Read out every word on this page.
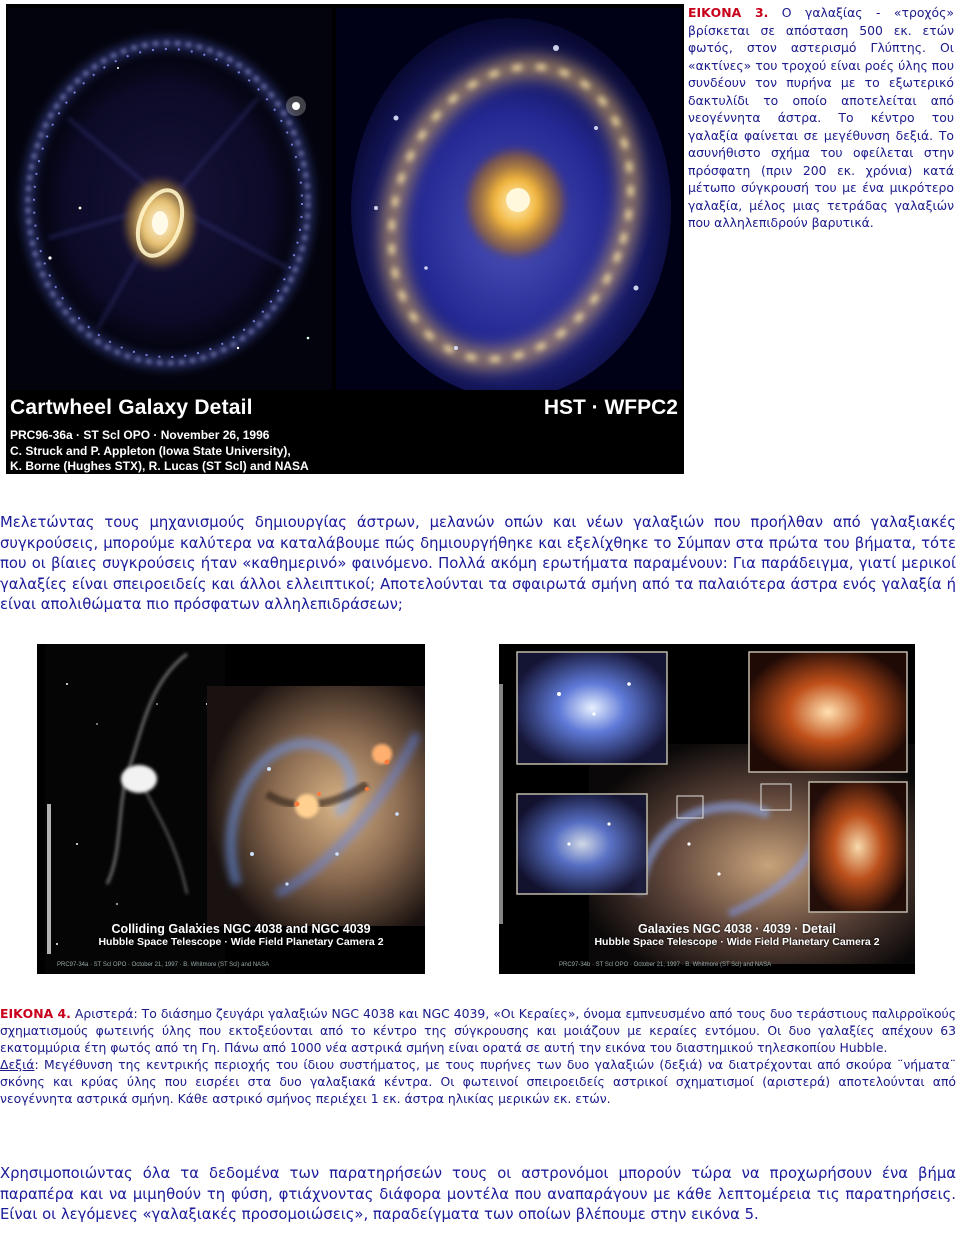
Cartwheel Galaxy Detail	HST · WFPC2
PRC96-36a · ST Scl OPO · November 26, 1996
C. Struck and P. Appleton (Iowa State University),
K. Borne (Hughes STX), R. Lucas (ST Scl) and NASA
ΕΙΚΟΝΑ 3. Ο γαλαξίας - «τροχός» βρίσκεται σε απόσταση 500 εκ. ετών φωτός, στον αστερισμό Γλύπτης. Οι «ακτίνες» του τροχού είναι ροές ύλης που συνδέουν τον πυρήνα με το εξωτερικό δακτυλίδι το οποίο αποτελείται από νεογέννητα άστρα. Το κέντρο του γαλαξία φαίνεται σε μεγέθυνση δεξιά. Το ασυνήθιστο σχήμα του οφείλεται στην πρόσφατη (πριν 200 εκ. χρόνια) κατά μέτωπο σύγκρουσή του με ένα μικρότερο γαλαξία, μέλος μιας τετράδας γαλαξιών που αλληλεπιδρούν βαρυτικά.
Μελετώντας τους μηχανισμούς δημιουργίας άστρων, μελανών οπών και νέων γαλαξιών που προήλθαν από γαλαξιακές συγκρούσεις, μπορούμε καλύτερα να καταλάβουμε πώς δημιουργήθηκε και εξελίχθηκε το Σύμπαν στα πρώτα του βήματα, τότε που οι βίαιες συγκρούσεις ήταν «καθημερινό» φαινόμενο. Πολλά ακόμη ερωτήματα παραμένουν: Για παράδειγμα, γιατί μερικοί γαλαξίες είναι σπειροειδείς και άλλοι ελλειπτικοί; Αποτελούνται τα σφαιρωτά σμήνη από τα παλαιότερα άστρα ενός γαλαξία ή είναι απολιθώματα πιο πρόσφατων αλληλεπιδράσεων;
Colliding Galaxies NGC 4038 and NGC 4039
Hubble Space Telescope · Wide Field Planetary Camera 2
PRC97-34a · ST Scl OPO · October 21, 1997 · B. Whitmore (ST Scl) and NASA
Galaxies NGC 4038 · 4039 · Detail
Hubble Space Telescope · Wide Field Planetary Camera 2
PRC97-34b · ST Scl OPO · October 21, 1997 · B. Whitmore (ST Scl) and NASA
ΕΙΚΟΝΑ 4. Αριστερά: Το διάσημο ζευγάρι γαλαξιών NGC 4038 και NGC 4039, «Οι Κεραίες», όνομα εμπνευσμένο από τους δυο τεράστιους παλιρροϊκούς σχηματισμούς φωτεινής ύλης που εκτοξεύονται από το κέντρο της σύγκρουσης και μοιάζουν με κεραίες εντόμου. Οι δυο γαλαξίες απέχουν 63 εκατομμύρια έτη φωτός από τη Γη. Πάνω από 1000 νέα αστρικά σμήνη είναι ορατά σε αυτή την εικόνα του διαστημικού τηλεσκοπίου Hubble.
Δεξιά: Μεγέθυνση της κεντρικής περιοχής του ίδιου συστήματος, με τους πυρήνες των δυο γαλαξιών (δεξιά) να διατρέχονται από σκούρα ¨νήματα¨ σκόνης και κρύας ύλης που εισρέει στα δυο γαλαξιακά κέντρα. Οι φωτεινοί σπειροειδείς αστρικοί σχηματισμοί (αριστερά) αποτελούνται από νεογέννητα αστρικά σμήνη. Κάθε αστρικό σμήνος περιέχει 1 εκ. άστρα ηλικίας μερικών εκ. ετών.
Χρησιμοποιώντας όλα τα δεδομένα των παρατηρήσεών τους οι αστρονόμοι μπορούν τώρα να προχωρήσουν ένα βήμα παραπέρα και να μιμηθούν τη φύση, φτιάχνοντας διάφορα μοντέλα που αναπαράγουν με κάθε λεπτομέρεια τις παρατηρήσεις. Είναι οι λεγόμενες «γαλαξιακές προσομοιώσεις», παραδείγματα των οποίων βλέπουμε στην εικόνα 5.
